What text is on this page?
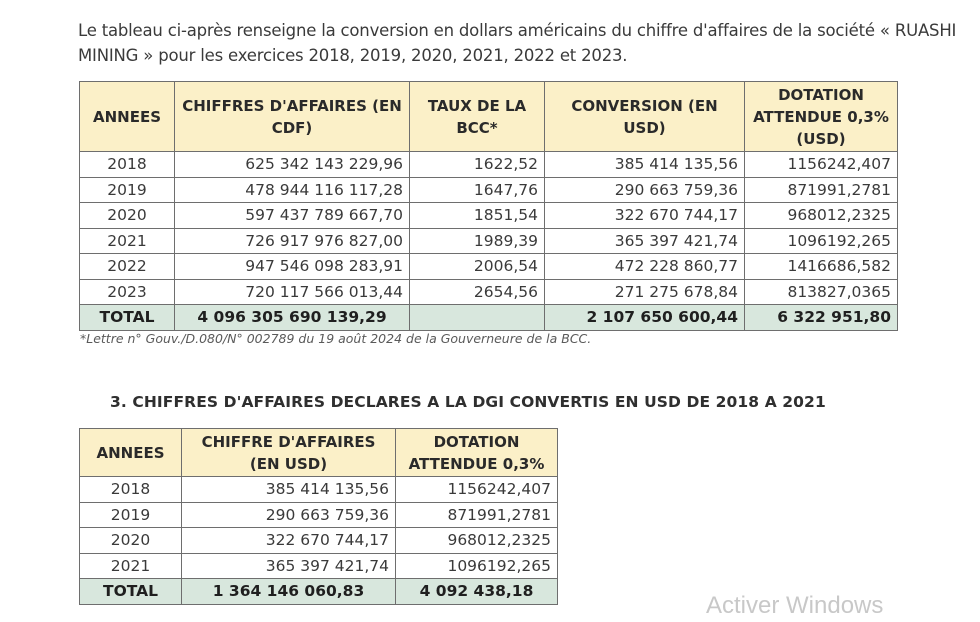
Le tableau ci-après renseigne la conversion en dollars américains du chiffre d'affaires de la société « RUASHI MINING » pour les exercices 2018, 2019, 2020, 2021, 2022 et 2023.
ANNEES	CHIFFRES D'AFFAIRES (EN CDF)	TAUX DE LA BCC*	CONVERSION (EN USD)	DOTATION ATTENDUE 0,3% (USD)
2018	625 342 143 229,96	1622,52	385 414 135,56	1156242,407
2019	478 944 116 117,28	1647,76	290 663 759,36	871991,2781
2020	597 437 789 667,70	1851,54	322 670 744,17	968012,2325
2021	726 917 976 827,00	1989,39	365 397 421,74	1096192,265
2022	947 546 098 283,91	2006,54	472 228 860,77	1416686,582
2023	720 117 566 013,44	2654,56	271 275 678,84	813827,0365
TOTAL	4 096 305 690 139,29		2 107 650 600,44	6 322 951,80
*Lettre n° Gouv./D.080/N° 002789 du 19 août 2024 de la Gouverneure de la BCC.
3. CHIFFRES D'AFFAIRES DECLARES A LA DGI CONVERTIS EN USD DE 2018 A 2021
ANNEES	CHIFFRE D'AFFAIRES (EN USD)	DOTATION ATTENDUE 0,3%
2018	385 414 135,56	1156242,407
2019	290 663 759,36	871991,2781
2020	322 670 744,17	968012,2325
2021	365 397 421,74	1096192,265
TOTAL	1 364 146 060,83	4 092 438,18
Activer Windows
